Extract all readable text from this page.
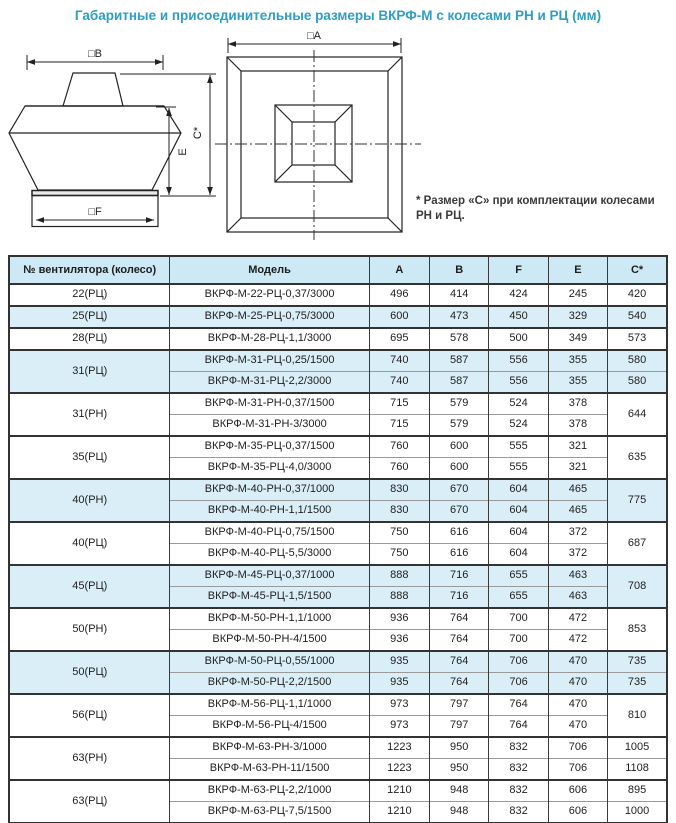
Габаритные и присоединительные размеры ВКРФ-М с колесами РН и РЦ (мм)
□B
□F
E
C*
□A
* Размер «С» при комплектации колесами
РН и РЦ.
№ вентилятора (колесо)	Модель	A	B	F	E	C*
22(РЦ)	ВКРФ-М-22-РЦ-0,37/3000	496	414	424	245	420
25(РЦ)	ВКРФ-М-25-РЦ-0,75/3000	600	473	450	329	540
28(РЦ)	ВКРФ-М-28-РЦ-1,1/3000	695	578	500	349	573
31(РЦ)	ВКРФ-М-31-РЦ-0,25/1500	740	587	556	355	580
	ВКРФ-М-31-РЦ-2,2/3000	740	587	556	355	580
31(РН)	ВКРФ-М-31-РН-0,37/1500	715	579	524	378	644
	ВКРФ-М-31-РН-3/3000	715	579	524	378	
35(РЦ)	ВКРФ-М-35-РЦ-0,37/1500	760	600	555	321	635
	ВКРФ-М-35-РЦ-4,0/3000	760	600	555	321	
40(РН)	ВКРФ-М-40-РН-0,37/1000	830	670	604	465	775
	ВКРФ-М-40-РН-1,1/1500	830	670	604	465	
40(РЦ)	ВКРФ-М-40-РЦ-0,75/1500	750	616	604	372	687
	ВКРФ-М-40-РЦ-5,5/3000	750	616	604	372	
45(РЦ)	ВКРФ-М-45-РЦ-0,37/1000	888	716	655	463	708
	ВКРФ-М-45-РЦ-1,5/1500	888	716	655	463	
50(РН)	ВКРФ-М-50-РН-1,1/1000	936	764	700	472	853
	ВКРФ-М-50-РН-4/1500	936	764	700	472	
50(РЦ)	ВКРФ-М-50-РЦ-0,55/1000	935	764	706	470	735
	ВКРФ-М-50-РЦ-2,2/1500	935	764	706	470	735
56(РЦ)	ВКРФ-М-56-РЦ-1,1/1000	973	797	764	470	810
	ВКРФ-М-56-РЦ-4/1500	973	797	764	470	
63(РН)	ВКРФ-М-63-РН-3/1000	1223	950	832	706	1005
	ВКРФ-М-63-РН-11/1500	1223	950	832	706	1108
63(РЦ)	ВКРФ-М-63-РЦ-2,2/1000	1210	948	832	606	895
	ВКРФ-М-63-РЦ-7,5/1500	1210	948	832	606	1000
